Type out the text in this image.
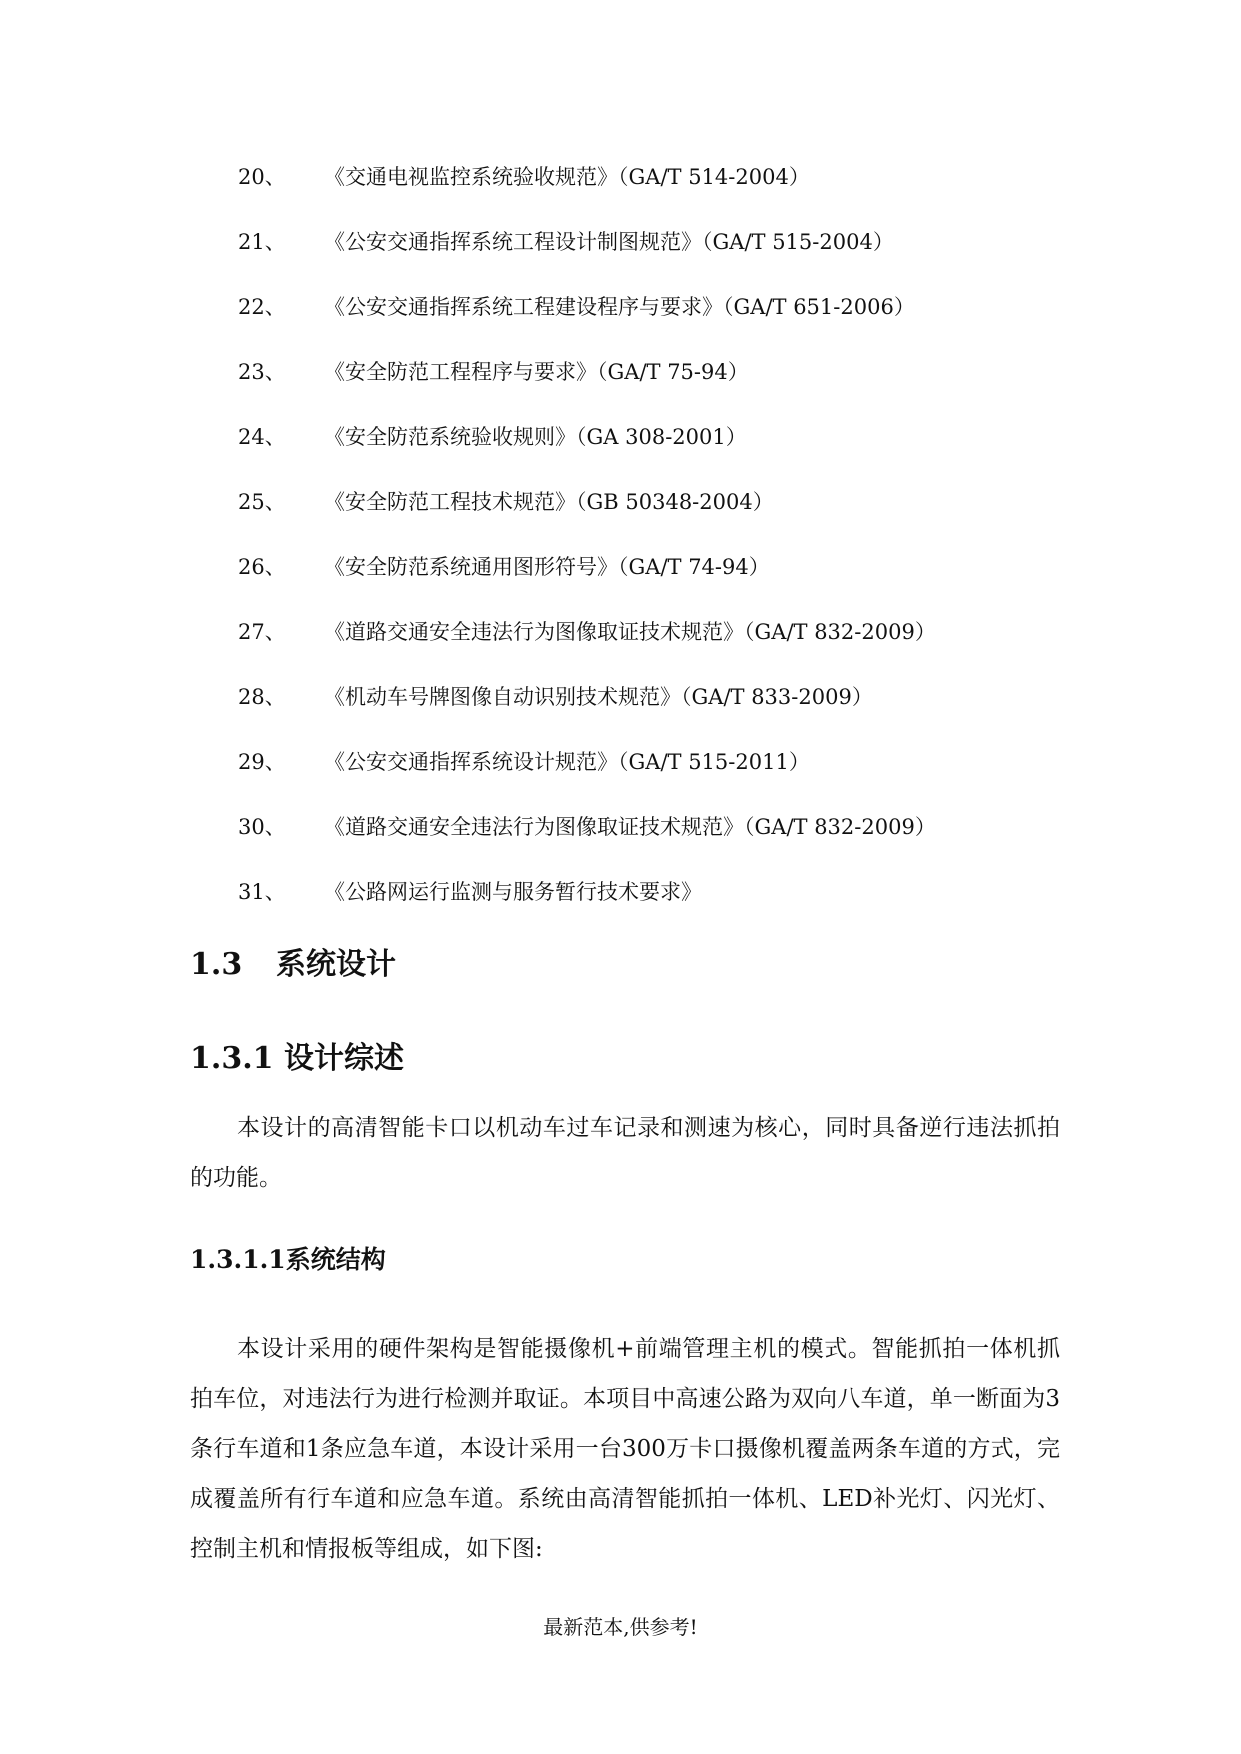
20、 《交通电视监控系统验收规范》（GA/T 514-2004）
21、 《公安交通指挥系统工程设计制图规范》（GA/T 515-2004）
22、 《公安交通指挥系统工程建设程序与要求》（GA/T 651-2006）
23、 《安全防范工程程序与要求》（GA/T 75-94）
24、 《安全防范系统验收规则》（GA 308-2001）
25、 《安全防范工程技术规范》（GB 50348-2004）
26、 《安全防范系统通用图形符号》（GA/T 74-94）
27、 《道路交通安全违法行为图像取证技术规范》（GA/T 832-2009）
28、 《机动车号牌图像自动识别技术规范》（GA/T 833-2009）
29、 《公安交通指挥系统设计规范》（GA/T 515-2011）
30、 《道路交通安全违法行为图像取证技术规范》（GA/T 832-2009）
31、 《公路网运行监测与服务暂行技术要求》
1.3 系统设计
1.3.1 设计综述
本设计的高清智能卡口以机动车过车记录和测速为核心，同时具备逆行违法抓拍的功能。
1.3.1.1系统结构
本设计采用的硬件架构是智能摄像机+前端管理主机的模式。智能抓拍一体机抓拍车位，对违法行为进行检测并取证。本项目中高速公路为双向八车道，单一断面为3条行车道和1条应急车道，本设计采用一台300万卡口摄像机覆盖两条车道的方式，完成覆盖所有行车道和应急车道。系统由高清智能抓拍一体机、LED补光灯、闪光灯、控制主机和情报板等组成，如下图:
最新范本,供参考!
